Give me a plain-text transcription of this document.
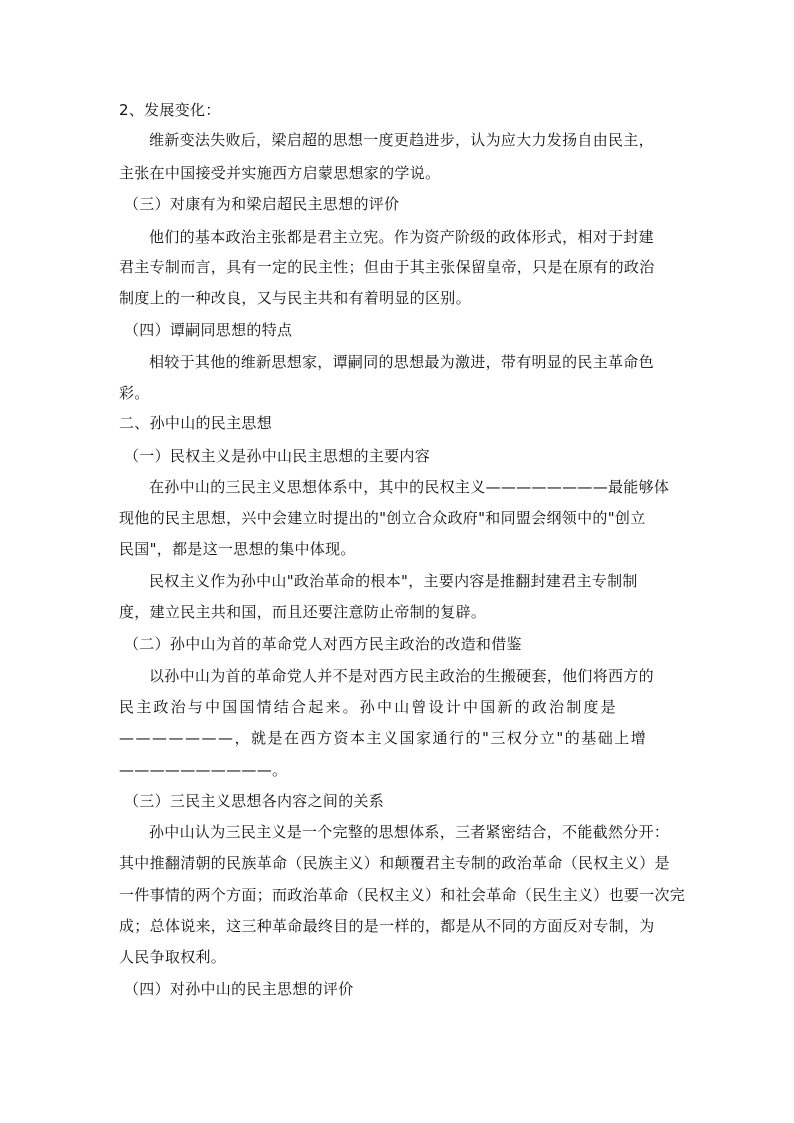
2、发展变化：
维新变法失败后，梁启超的思想一度更趋进步，认为应大力发扬自由民主，
主张在中国接受并实施西方启蒙思想家的学说。
（三）对康有为和梁启超民主思想的评价
他们的基本政治主张都是君主立宪。作为资产阶级的政体形式，相对于封建
君主专制而言，具有一定的民主性；但由于其主张保留皇帝，只是在原有的政治
制度上的一种改良，又与民主共和有着明显的区别。
（四）谭嗣同思想的特点
相较于其他的维新思想家，谭嗣同的思想最为激进，带有明显的民主革命色
彩。
二、孙中山的民主思想
（一）民权主义是孙中山民主思想的主要内容
在孙中山的三民主义思想体系中，其中的民权主义————————最能够体
现他的民主思想，兴中会建立时提出的"创立合众政府"和同盟会纲领中的"创立
民国"，都是这一思想的集中体现。
民权主义作为孙中山"政治革命的根本"，主要内容是推翻封建君主专制制
度，建立民主共和国，而且还要注意防止帝制的复辟。
（二）孙中山为首的革命党人对西方民主政治的改造和借鉴
以孙中山为首的革命党人并不是对西方民主政治的生搬硬套，他们将西方的
民主政治与中国国情结合起来。孙中山曾设计中国新的政治制度是
———————，就是在西方资本主义国家通行的"三权分立"的基础上增
——————————。
（三）三民主义思想各内容之间的关系
孙中山认为三民主义是一个完整的思想体系，三者紧密结合，不能截然分开：
其中推翻清朝的民族革命（民族主义）和颠覆君主专制的政治革命（民权主义）是
一件事情的两个方面；而政治革命（民权主义）和社会革命（民生主义）也要一次完
成；总体说来，这三种革命最终目的是一样的，都是从不同的方面反对专制，为
人民争取权利。
（四）对孙中山的民主思想的评价
